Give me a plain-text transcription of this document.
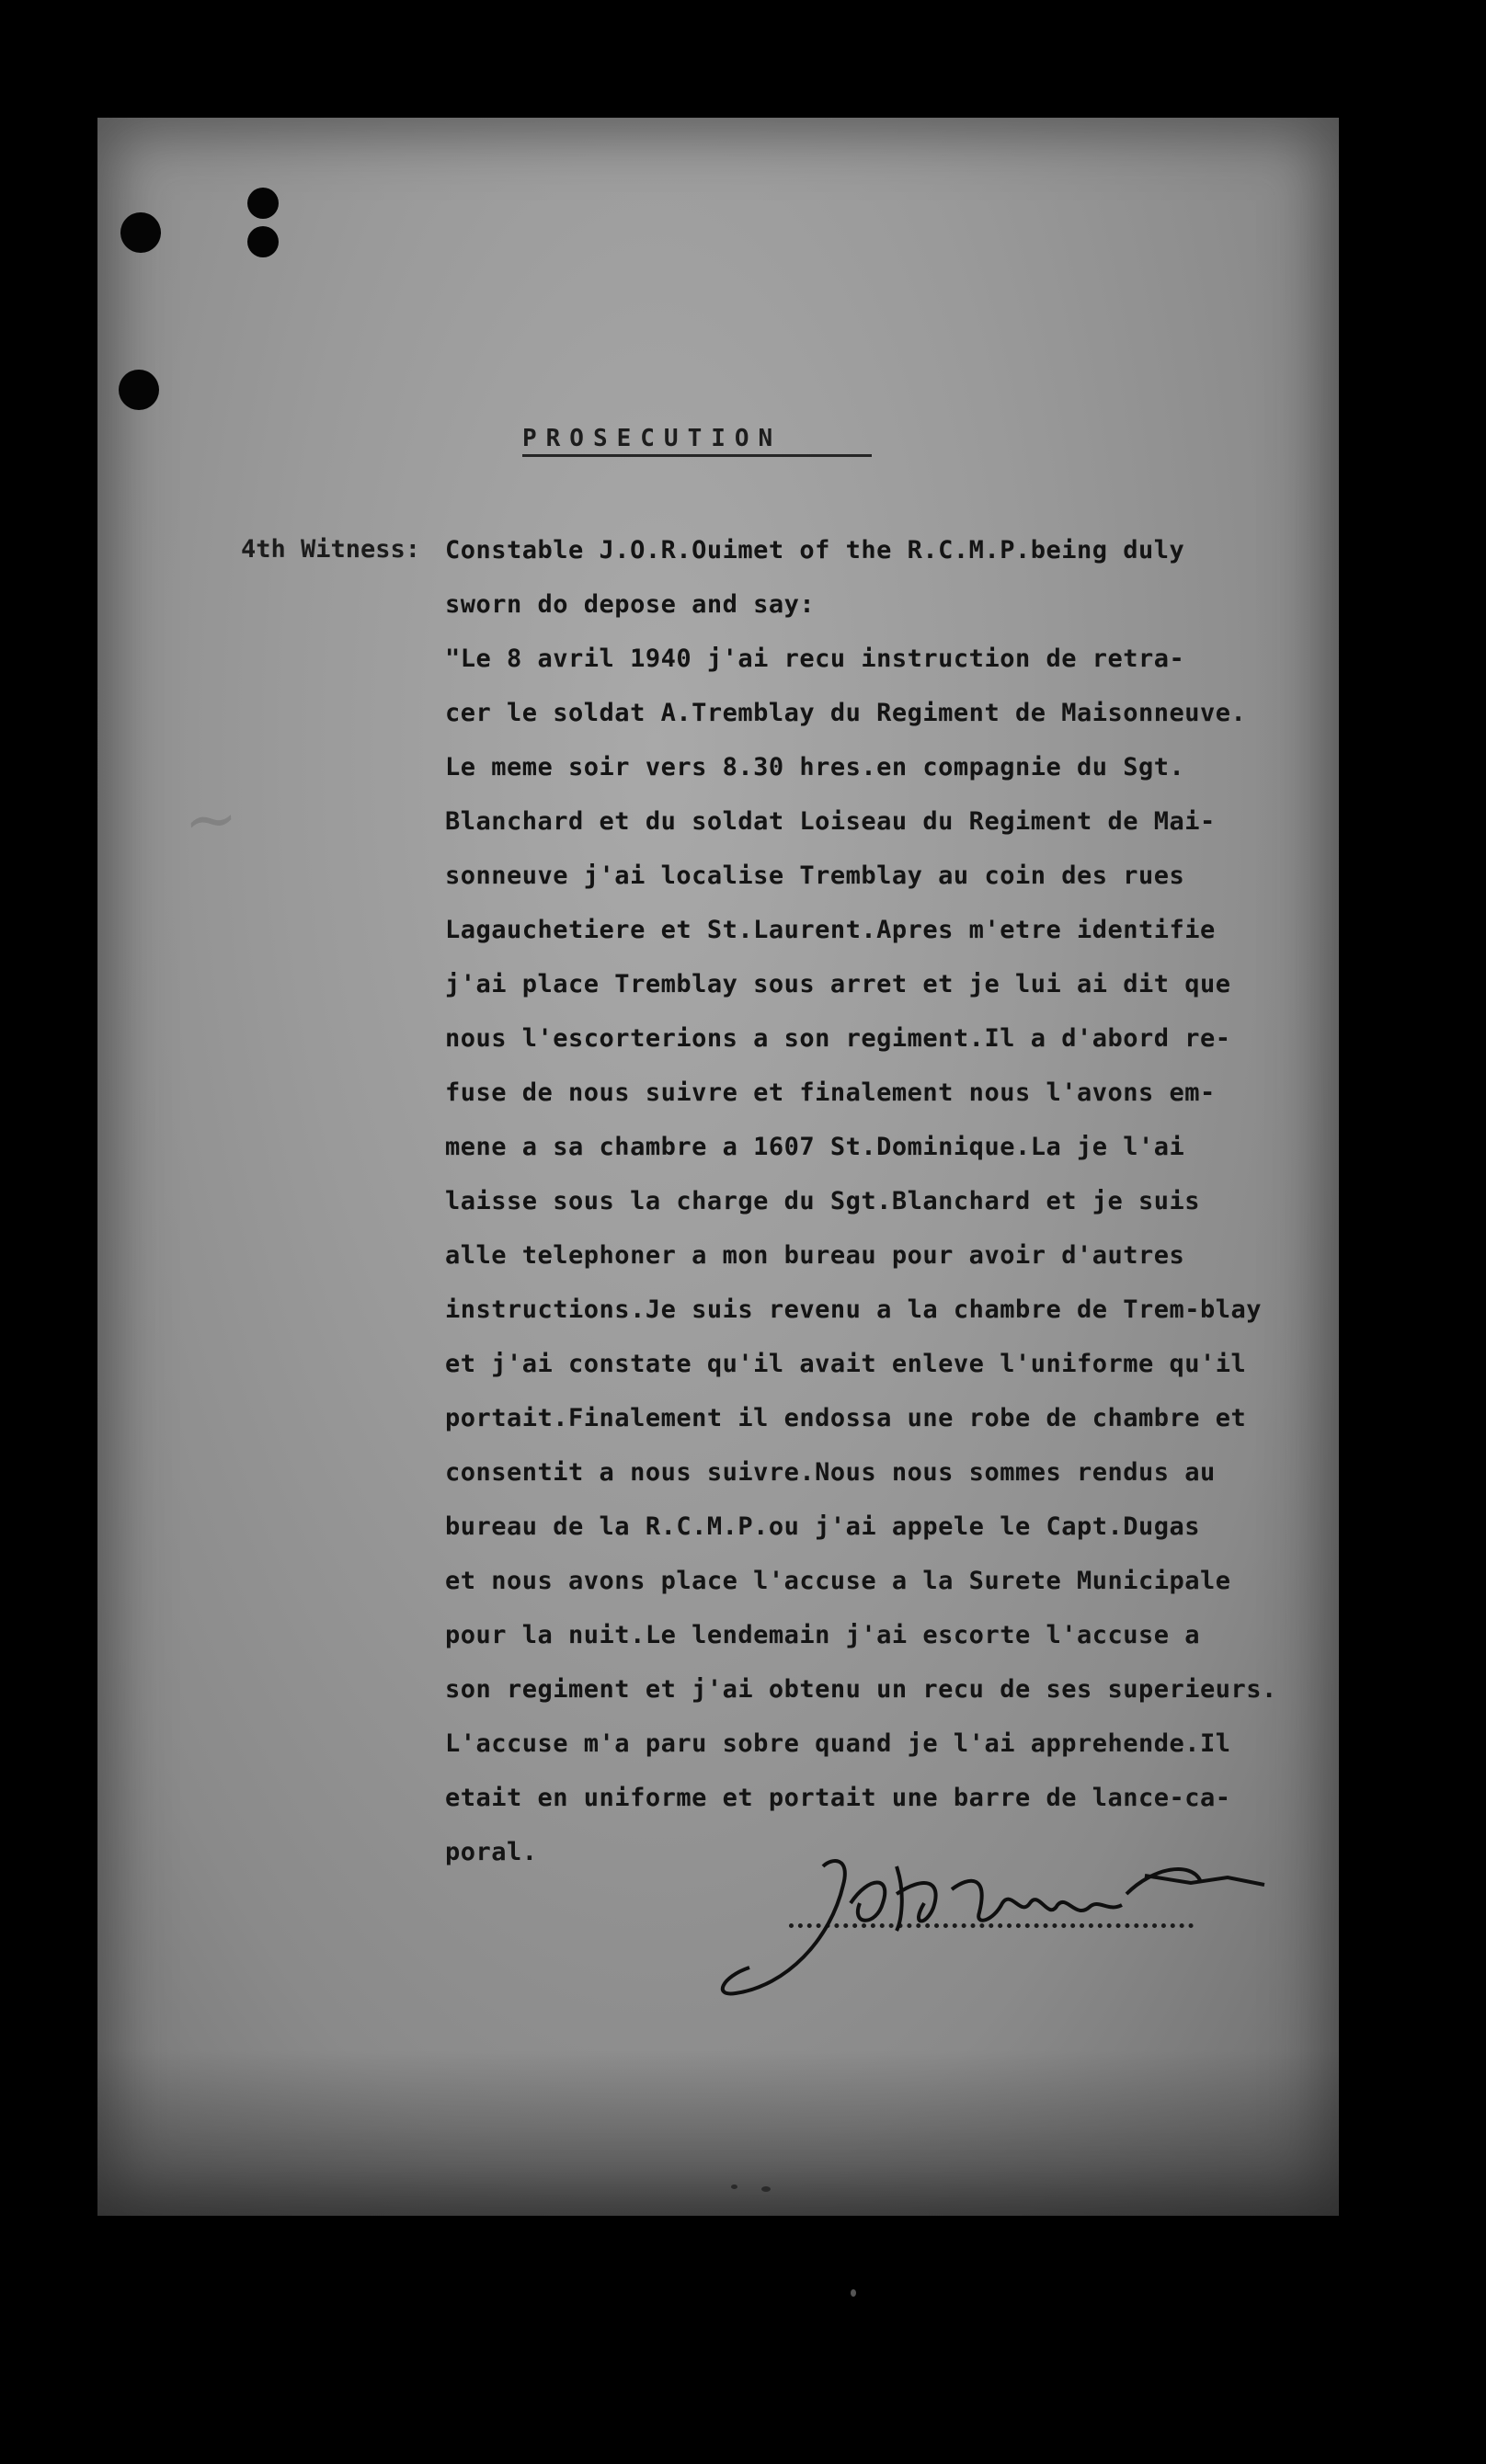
~
PROSECUTION
4th Witness: Constable J.O.R.Ouimet of the R.C.M.P.being duly
sworn do depose and say:
"Le 8 avril 1940 j'ai recu instruction de retra-
cer le soldat A.Tremblay du Regiment de Maisonneuve.
Le meme soir vers 8.30 hres.en compagnie du Sgt.
Blanchard et du soldat Loiseau du Regiment de Mai-
sonneuve j'ai localise Tremblay au coin des rues
Lagauchetiere et St.Laurent.Apres m'etre identifie
j'ai place Tremblay sous arret et je lui ai dit que
nous l'escorterions a son regiment.Il a d'abord re-
fuse de nous suivre et finalement nous l'avons em-
mene a sa chambre a 1607 St.Dominique.La je l'ai
laisse sous la charge du Sgt.Blanchard et je suis
alle telephoner a mon bureau pour avoir d'autres
instructions.Je suis revenu a la chambre de Trem-blay
et j'ai constate qu'il avait enleve l'uniforme qu'il
portait.Finalement il endossa une robe de chambre et
consentit a nous suivre.Nous nous sommes rendus au
bureau de la R.C.M.P.ou j'ai appele le Capt.Dugas
et nous avons place l'accuse a la Surete Municipale
pour la nuit.Le lendemain j'ai escorte l'accuse a
son regiment et j'ai obtenu un recu de ses superieurs.
L'accuse m'a paru sobre quand je l'ai apprehende.Il
etait en uniforme et portait une barre de lance-ca-
poral.
